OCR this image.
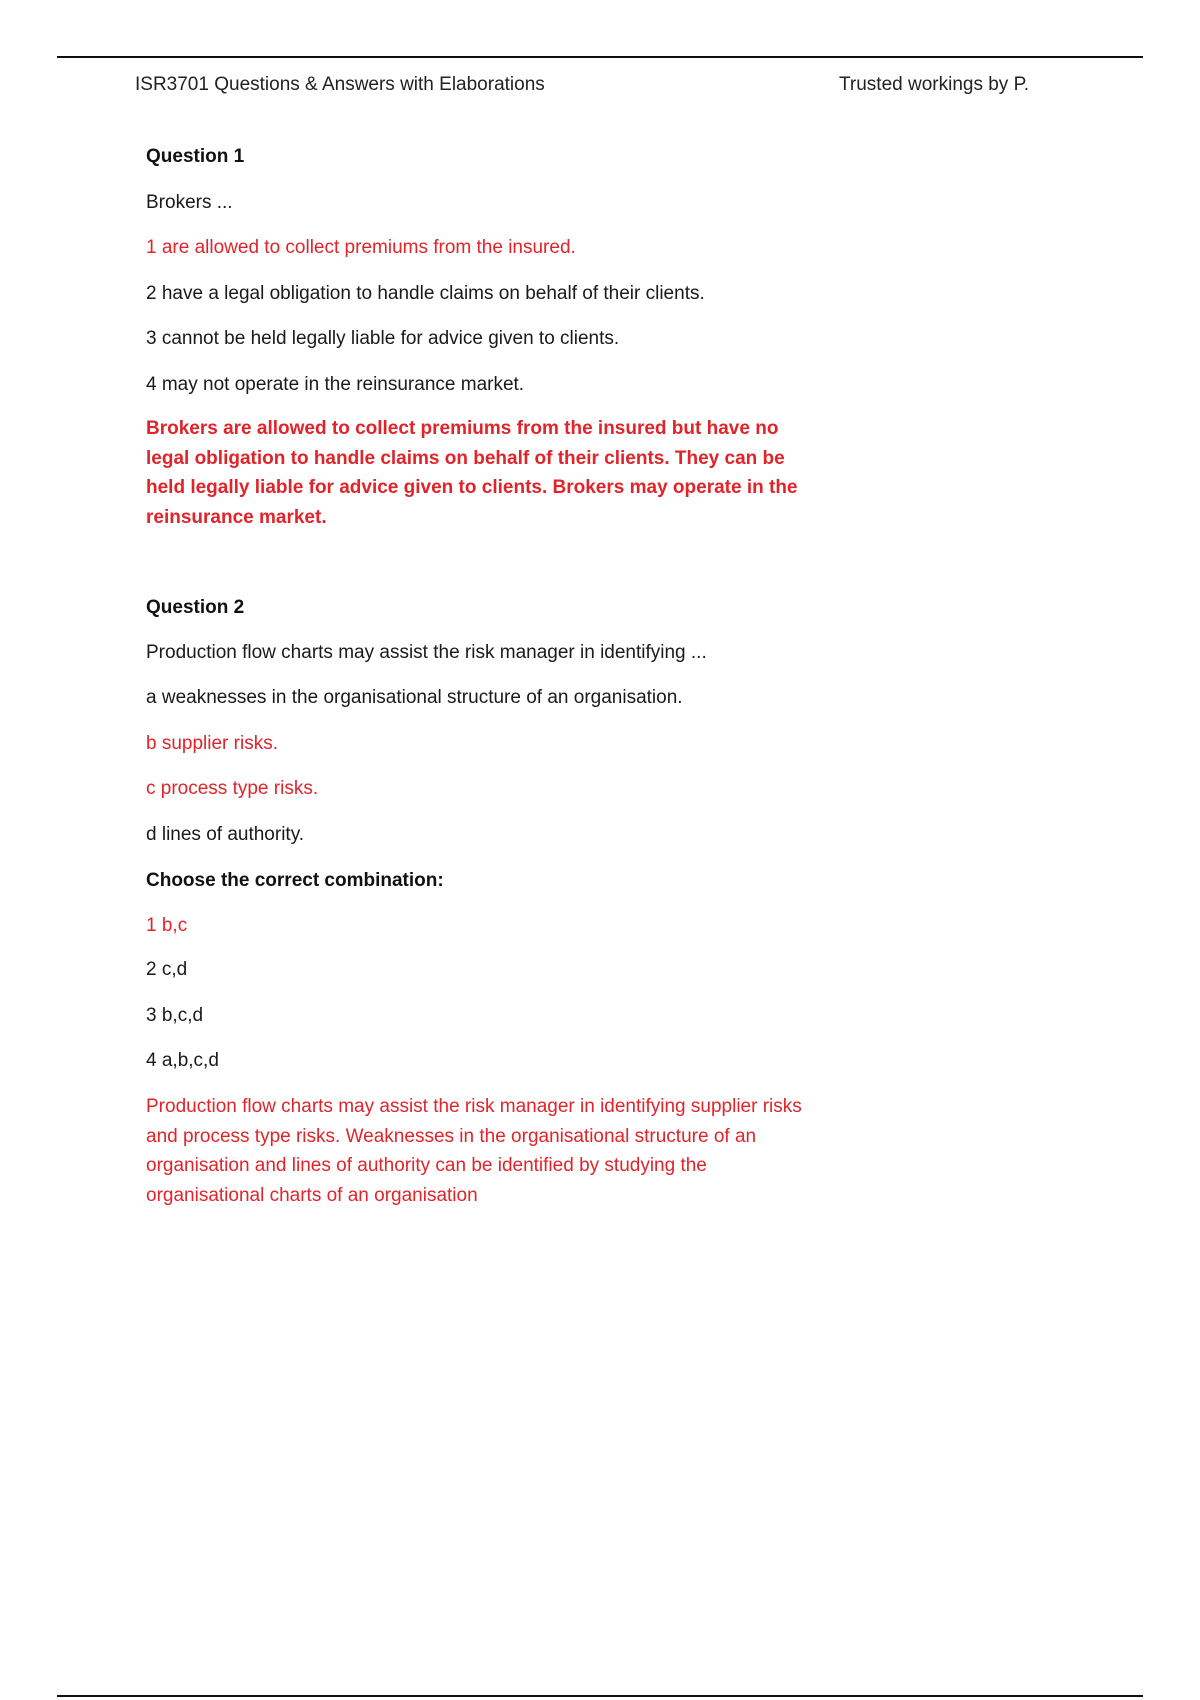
ISR3701 Questions & Answers with Elaborations	Trusted workings by P.
Question 1
Brokers ...
1 are allowed to collect premiums from the insured.
2 have a legal obligation to handle claims on behalf of their clients.
3 cannot be held legally liable for advice given to clients.
4 may not operate in the reinsurance market.
Brokers are allowed to collect premiums from the insured but have no legal obligation to handle claims on behalf of their clients. They can be held legally liable for advice given to clients. Brokers may operate in the reinsurance market.
Question 2
Production flow charts may assist the risk manager in identifying ...
a weaknesses in the organisational structure of an organisation.
b supplier risks.
c process type risks.
d lines of authority.
Choose the correct combination:
1 b,c
2 c,d
3 b,c,d
4 a,b,c,d
Production flow charts may assist the risk manager in identifying supplier risks and process type risks. Weaknesses in the organisational structure of an organisation and lines of authority can be identified by studying the organisational charts of an organisation
